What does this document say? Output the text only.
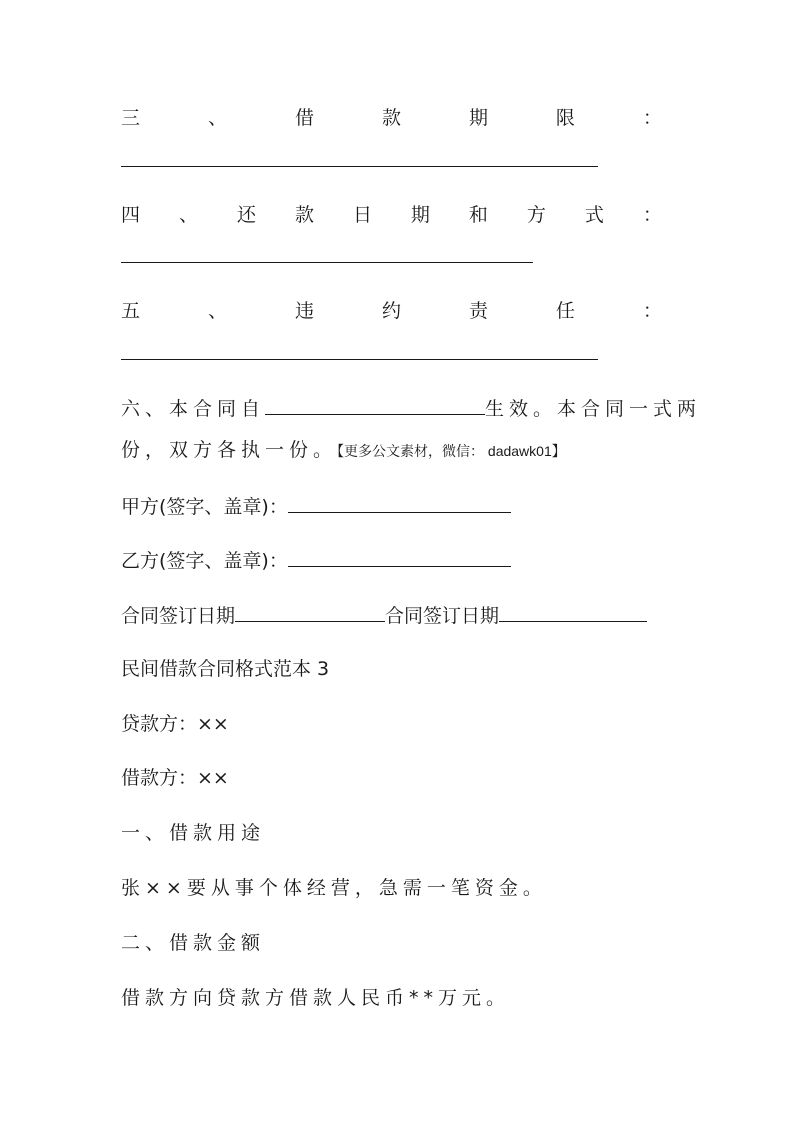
三	、	借	款	期	限	：
四 、 还 款 日 期 和 方 式 ：
五	、	违	约	责	任	：
六、本合同自	生效。本合同一式两
份，双方各执一份。【更多公文素材，微信： dadawk01】
甲方(签字、盖章)：
乙方(签字、盖章)：
合同签订日期	合同签订日期
民间借款合同格式范本 3
贷款方：××
借款方：××
一、借款用途
张××要从事个体经营，急需一笔资金。
二、借款金额
借款方向贷款方借款人民币**万元。
